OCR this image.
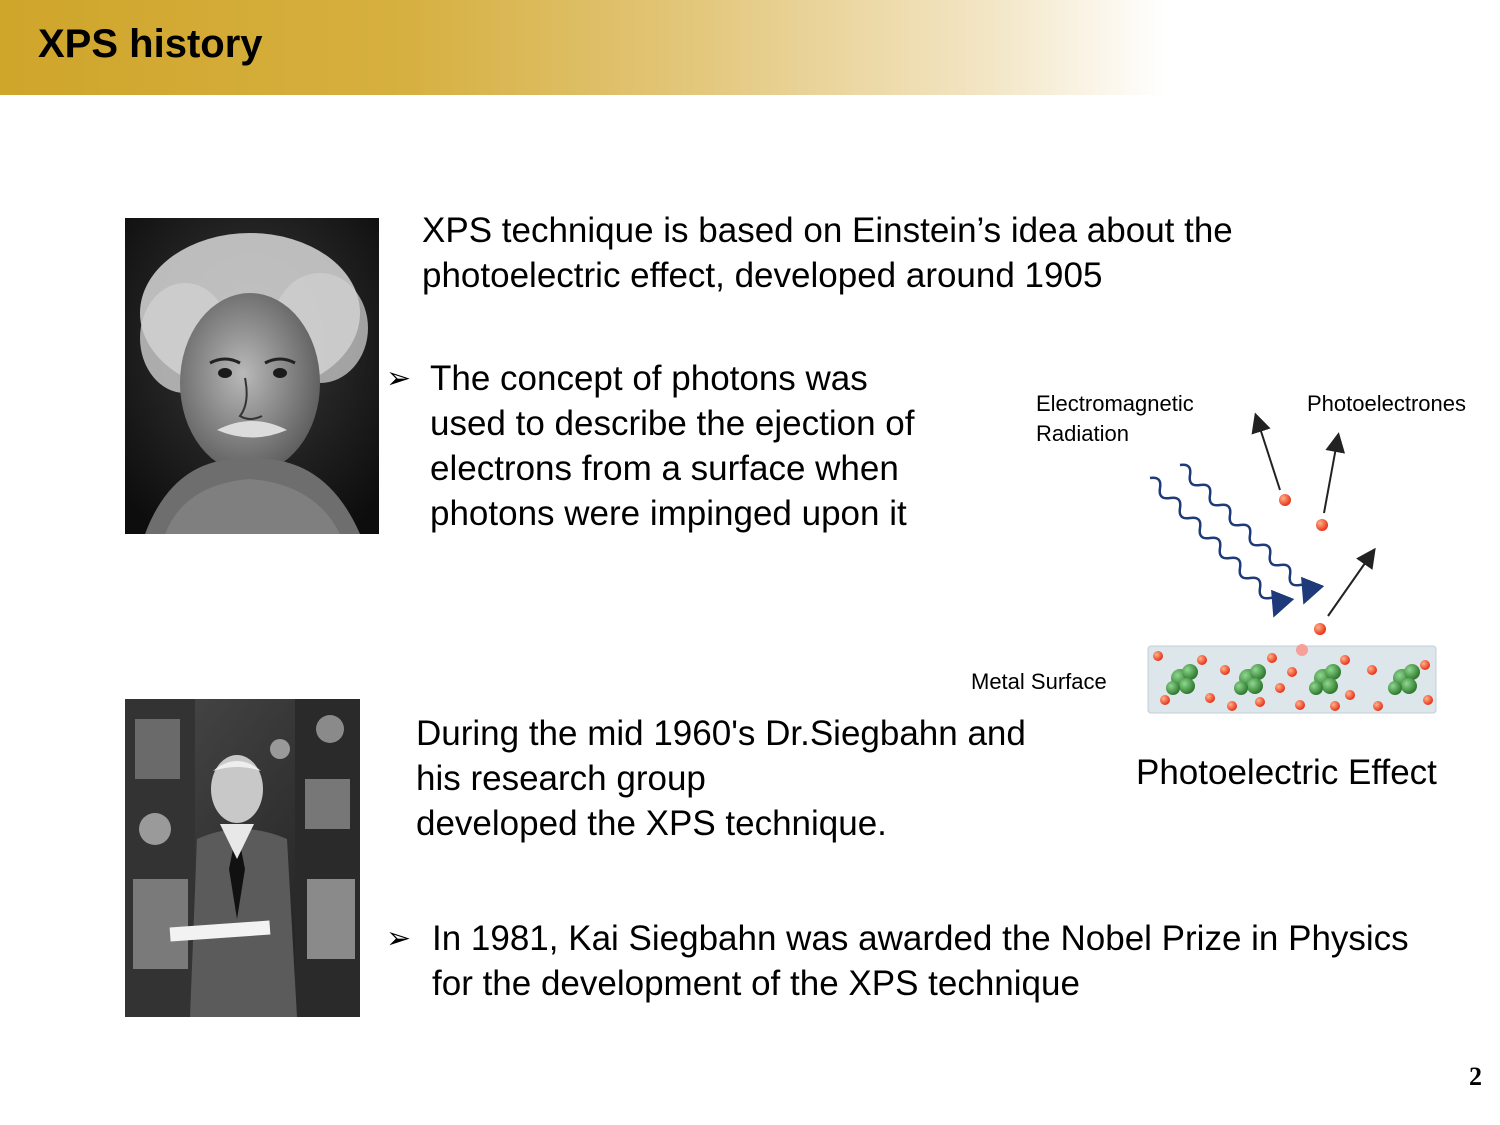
XPS history

XPS technique is based on Einstein’s idea about the

photoelectric effect, developed around 1905

➢ The concept of photons was

used to describe the ejection of

electrons from a surface when

photons were impinged upon it

Electromagnetic
Radiation
Photoelectrones
Metal Surface
Photoelectric Effect

During the mid 1960's Dr.Siegbahn and

his research group

developed the XPS technique.

➢ In 1981, Kai Siegbahn was awarded the Nobel Prize in Physics

for the development of the XPS technique

2
